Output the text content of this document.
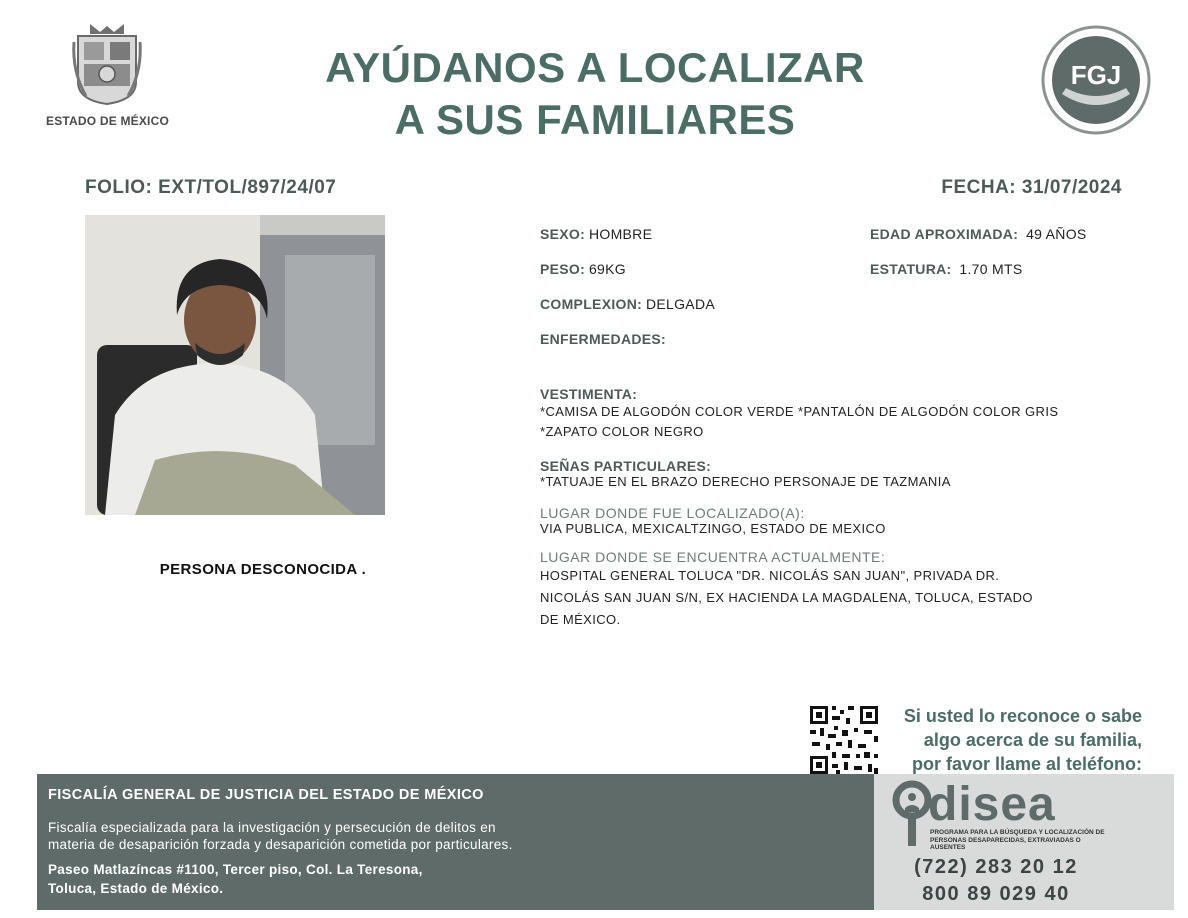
ESTADO DE MÉXICO
AYÚDANOS A LOCALIZAR
A SUS FAMILIARES
FGJ
FOLIO: EXT/TOL/897/24/07	FECHA: 31/07/2024
PERSONA DESCONOCIDA .
SEXO: HOMBRE	EDAD APROXIMADA: 49 AÑOS
PESO: 69KG	ESTATURA: 1.70 MTS
COMPLEXION: DELGADA
ENFERMEDADES:
VESTIMENTA:
*CAMISA DE ALGODÓN COLOR VERDE *PANTALÓN DE ALGODÓN COLOR GRIS
*ZAPATO COLOR NEGRO
SEÑAS PARTICULARES:
*TATUAJE EN EL BRAZO DERECHO PERSONAJE DE TAZMANIA
LUGAR DONDE FUE LOCALIZADO(A):
VIA PUBLICA, MEXICALTZINGO, ESTADO DE MEXICO
LUGAR DONDE SE ENCUENTRA ACTUALMENTE:
HOSPITAL GENERAL TOLUCA "DR. NICOLÁS SAN JUAN", PRIVADA DR.
NICOLÁS SAN JUAN S/N, EX HACIENDA LA MAGDALENA, TOLUCA, ESTADO
DE MÉXICO.
Si usted lo reconoce o sabe
algo acerca de su familia,
por favor llame al teléfono:
FISCALÍA GENERAL DE JUSTICIA DEL ESTADO DE MÉXICO
Fiscalía especializada para la investigación y persecución de delitos en
materia de desaparición forzada y desaparición cometida por particulares.
Paseo Matlazíncas #1100, Tercer piso, Col. La Teresona,
Toluca, Estado de México.
disea
PROGRAMA PARA LA BÚSQUEDA Y LOCALIZACIÓN DE PERSONAS DESAPARECIDAS, EXTRAVIADAS O AUSENTES
(722) 283 20 12
800 89 029 40
